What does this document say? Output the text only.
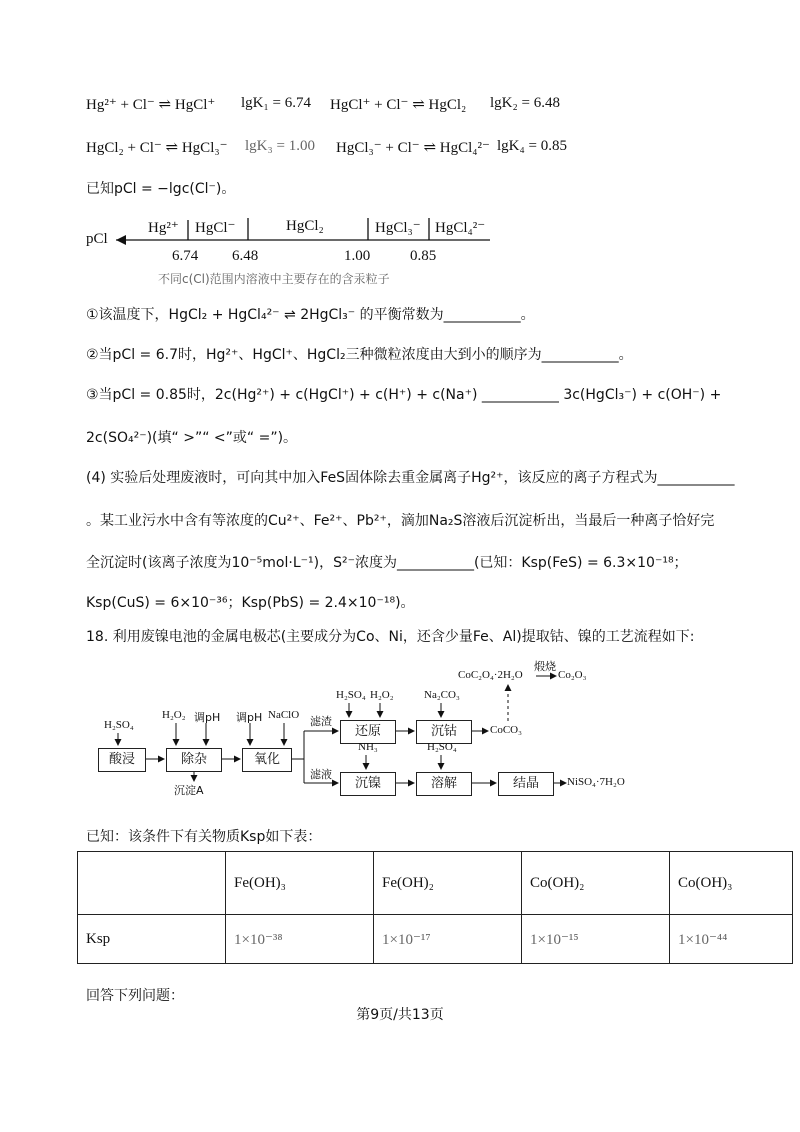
Hg²⁺ + Cl⁻ ⇌ HgCl⁺ lgK₁ = 6.74 HgCl⁺ + Cl⁻ ⇌ HgCl₂ lgK₂ = 6.48
HgCl₂ + Cl⁻ ⇌ HgCl₃⁻ lgK₃ = 1.00 HgCl₃⁻ + Cl⁻ ⇌ HgCl₄²⁻ lgK₄ = 0.85
已知pCl = −lgc(Cl⁻)。
pCl
Hg²⁺ HgCl⁻	HgCl₂	HgCl₃⁻ HgCl₄²⁻
6.74 6.48	1.00	0.85
不同c(Cl)范围内溶液中主要存在的含汞粒子
①该温度下，HgCl₂ + HgCl₄²⁻ ⇌ 2HgCl₃⁻ 的平衡常数为___________。
②当pCl = 6.7时，Hg²⁺、HgCl⁺、HgCl₂三种微粒浓度由大到小的顺序为___________。
③当pCl = 0.85时，2c(Hg²⁺) + c(HgCl⁺) + c(H⁺) + c(Na⁺) ___________ 3c(HgCl₃⁻) + c(OH⁻) +
2c(SO₄²⁻)(填“ >”“ <”或“ =”)。
(4) 实验后处理废液时，可向其中加入FeS固体除去重金属离子Hg²⁺，该反应的离子方程式为___________
。某工业污水中含有等浓度的Cu²⁺、Fe²⁺、Pb²⁺，滴加Na₂S溶液后沉淀析出，当最后一种离子恰好完
全沉淀时(该离子浓度为10⁻⁵mol·L⁻¹)，S²⁻浓度为___________(已知：Ksp(FeS) = 6.3×10⁻¹⁸；
Ksp(CuS) = 6×10⁻³⁶；Ksp(PbS) = 2.4×10⁻¹⁸)。
18. 利用废镍电池的金属电极芯(主要成分为Co、Ni，还含少量Fe、Al)提取钴、镍的工艺流程如下:
酸浸	除杂	氧化
还原	沉钴
沉镍	溶解	结晶
H₂SO₄
H₂O₂ 调pH 调pH NaClO
H₂SO₄ H₂O₂	Na₂CO₃
NH₃	H₂SO₄
滤渣
滤液
沉淀A
CoCO₃
NiSO₄·7H₂O
CoC₂O₄·2H₂O
煅烧
Co₂O₃
已知：该条件下有关物质Ksp如下表：
	Fe(OH)₃	Fe(OH)₂	Co(OH)₂	Co(OH)₃
Ksp	1×10⁻³⁸	1×10⁻¹⁷	1×10⁻¹⁵	1×10⁻⁴⁴
回答下列问题：
第9页/共13页
